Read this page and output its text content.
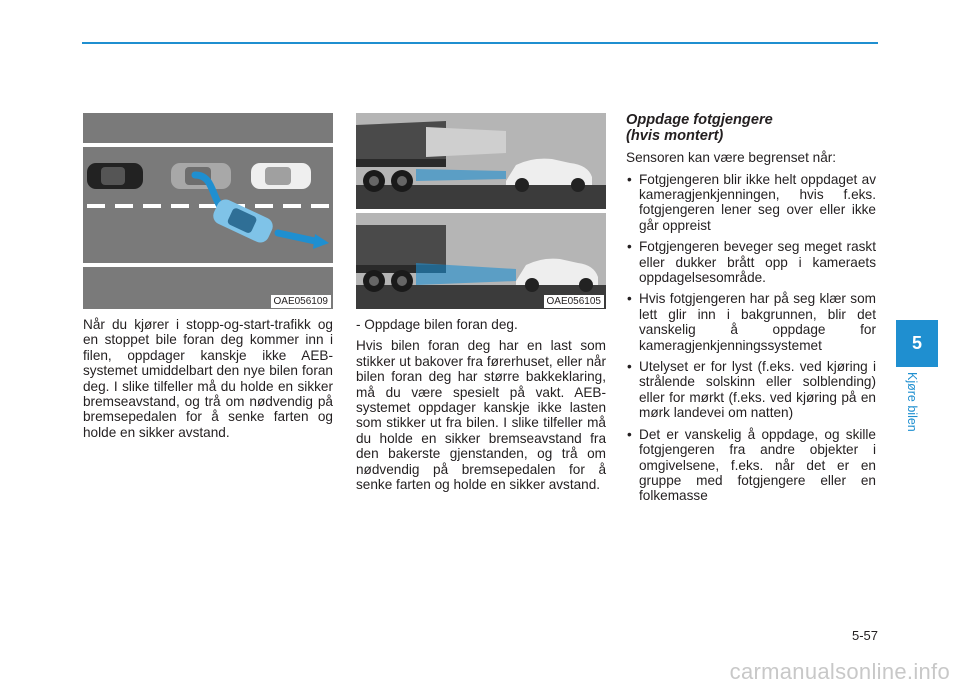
OAE056109

Når du kjører i stopp-og-start-trafikk og en stoppet bile foran deg kommer inn i filen, oppdager kanskje ikke AEB-systemet umiddelbart den nye bilen foran deg. I slike tilfeller må du holde en sikker bremseavstand, og trå om nødvendig på bremsepedalen for å senke farten og holde en sikker avstand.

OAE056105

- Oppdage bilen foran deg.

Hvis bilen foran deg har en last som stikker ut bakover fra førerhuset, eller når bilen foran deg har større bakkeklaring, må du være spesielt på vakt. AEB-systemet oppdager kanskje ikke lasten som stikker ut fra bilen. I slike tilfeller må du holde en sikker bremseavstand fra den bakerste gjenstanden, og trå om nødvendig på bremsepedalen for å senke farten og holde en sikker avstand.

Oppdage fotgjengere
(hvis montert)

Sensoren kan være begrenset når:

• Fotgjengeren blir ikke helt oppdaget av kameragjenkjenningen, hvis f.eks. fotgjengeren lener seg over eller ikke går oppreist
• Fotgjengeren beveger seg meget raskt eller dukker brått opp i kameraets oppdagelsesområde.
• Hvis fotgjengeren har på seg klær som lett glir inn i bakgrunnen, blir det vanskelig å oppdage for kameragjenkjenningssystemet
• Utelyset er for lyst (f.eks. ved kjøring i strålende solskinn eller solblending) eller for mørkt (f.eks. ved kjøring på en mørk landevei om natten)
• Det er vanskelig å oppdage, og skille fotgjengeren fra andre objekter i omgivelsene, f.eks. når det er en gruppe med fotgjengere eller en folkemasse
5
Kjøre bilen
5-57
carmanualsonline.info
